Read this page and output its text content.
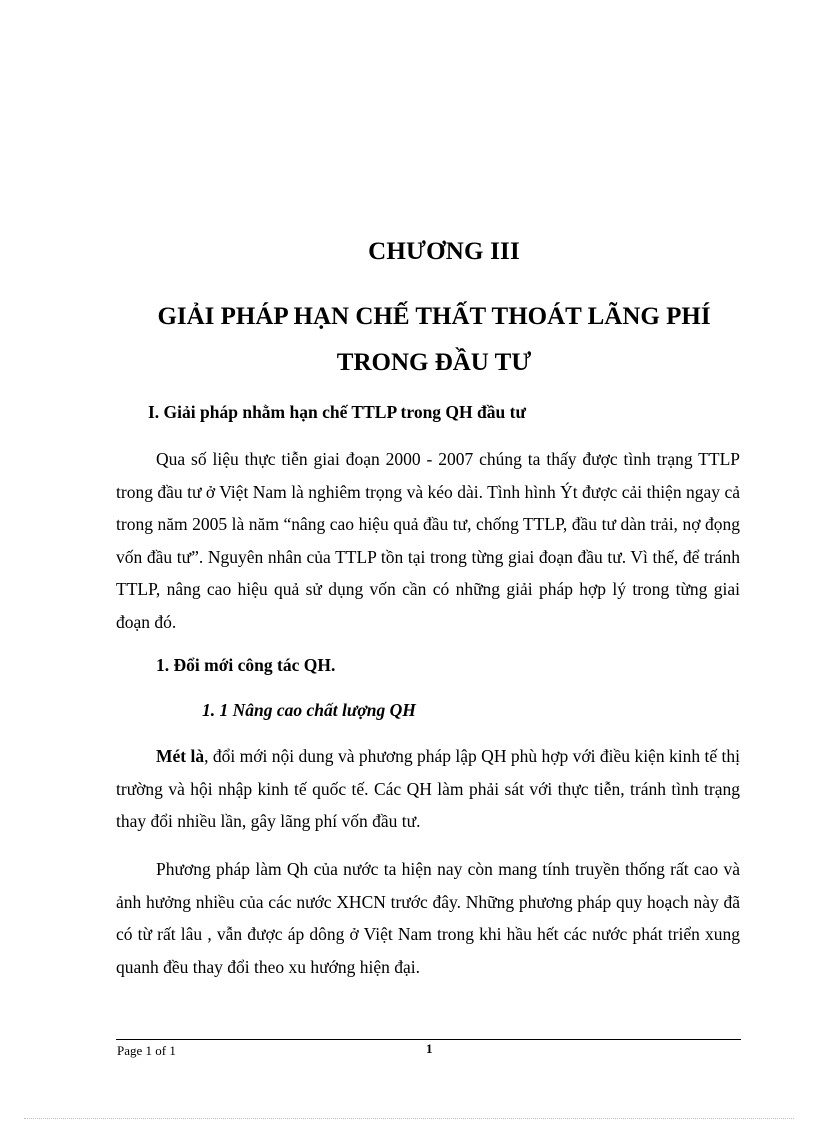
CHƯƠNG III
GIẢI PHÁP HẠN CHẾ THẤT THOÁT LÃNG PHÍ
TRONG ĐẦU TƯ
I. Giải pháp nhằm hạn chế TTLP trong QH đầu tư

Qua số liệu thực tiễn giai đoạn 2000 - 2007 chúng ta thấy được tình trạng TTLP trong đầu tư ở Việt Nam là nghiêm trọng và kéo dài. Tình hình Ýt được cải thiện ngay cả trong năm 2005 là năm “nâng cao hiệu quả đầu tư, chống TTLP, đầu tư dàn trải, nợ đọng vốn đầu tư”. Nguyên nhân của TTLP tồn tại trong từng giai đoạn đầu tư. Vì thế, để tránh TTLP, nâng cao hiệu quả sử dụng vốn cần có những giải pháp hợp lý trong từng giai đoạn đó.

1. Đổi mới công tác QH.
1. 1 Nâng cao chất lượng QH

Mét là, đổi mới nội dung và phương pháp lập QH phù hợp với điều kiện kinh tế thị trường và hội nhập kinh tế quốc tế. Các QH làm phải sát với thực tiễn, tránh tình trạng thay đổi nhiều lần, gây lãng phí vốn đầu tư.

Phương pháp làm Qh của nước ta hiện nay còn mang tính truyền thống rất cao và ảnh hưởng nhiều của các nước XHCN trước đây. Những phương pháp quy hoạch này đã có từ rất lâu , vẫn được áp dông ở Việt Nam trong khi hầu hết các nước phát triển xung quanh đều thay đổi theo xu hướng hiện đại.

Page 1 of 1	1
